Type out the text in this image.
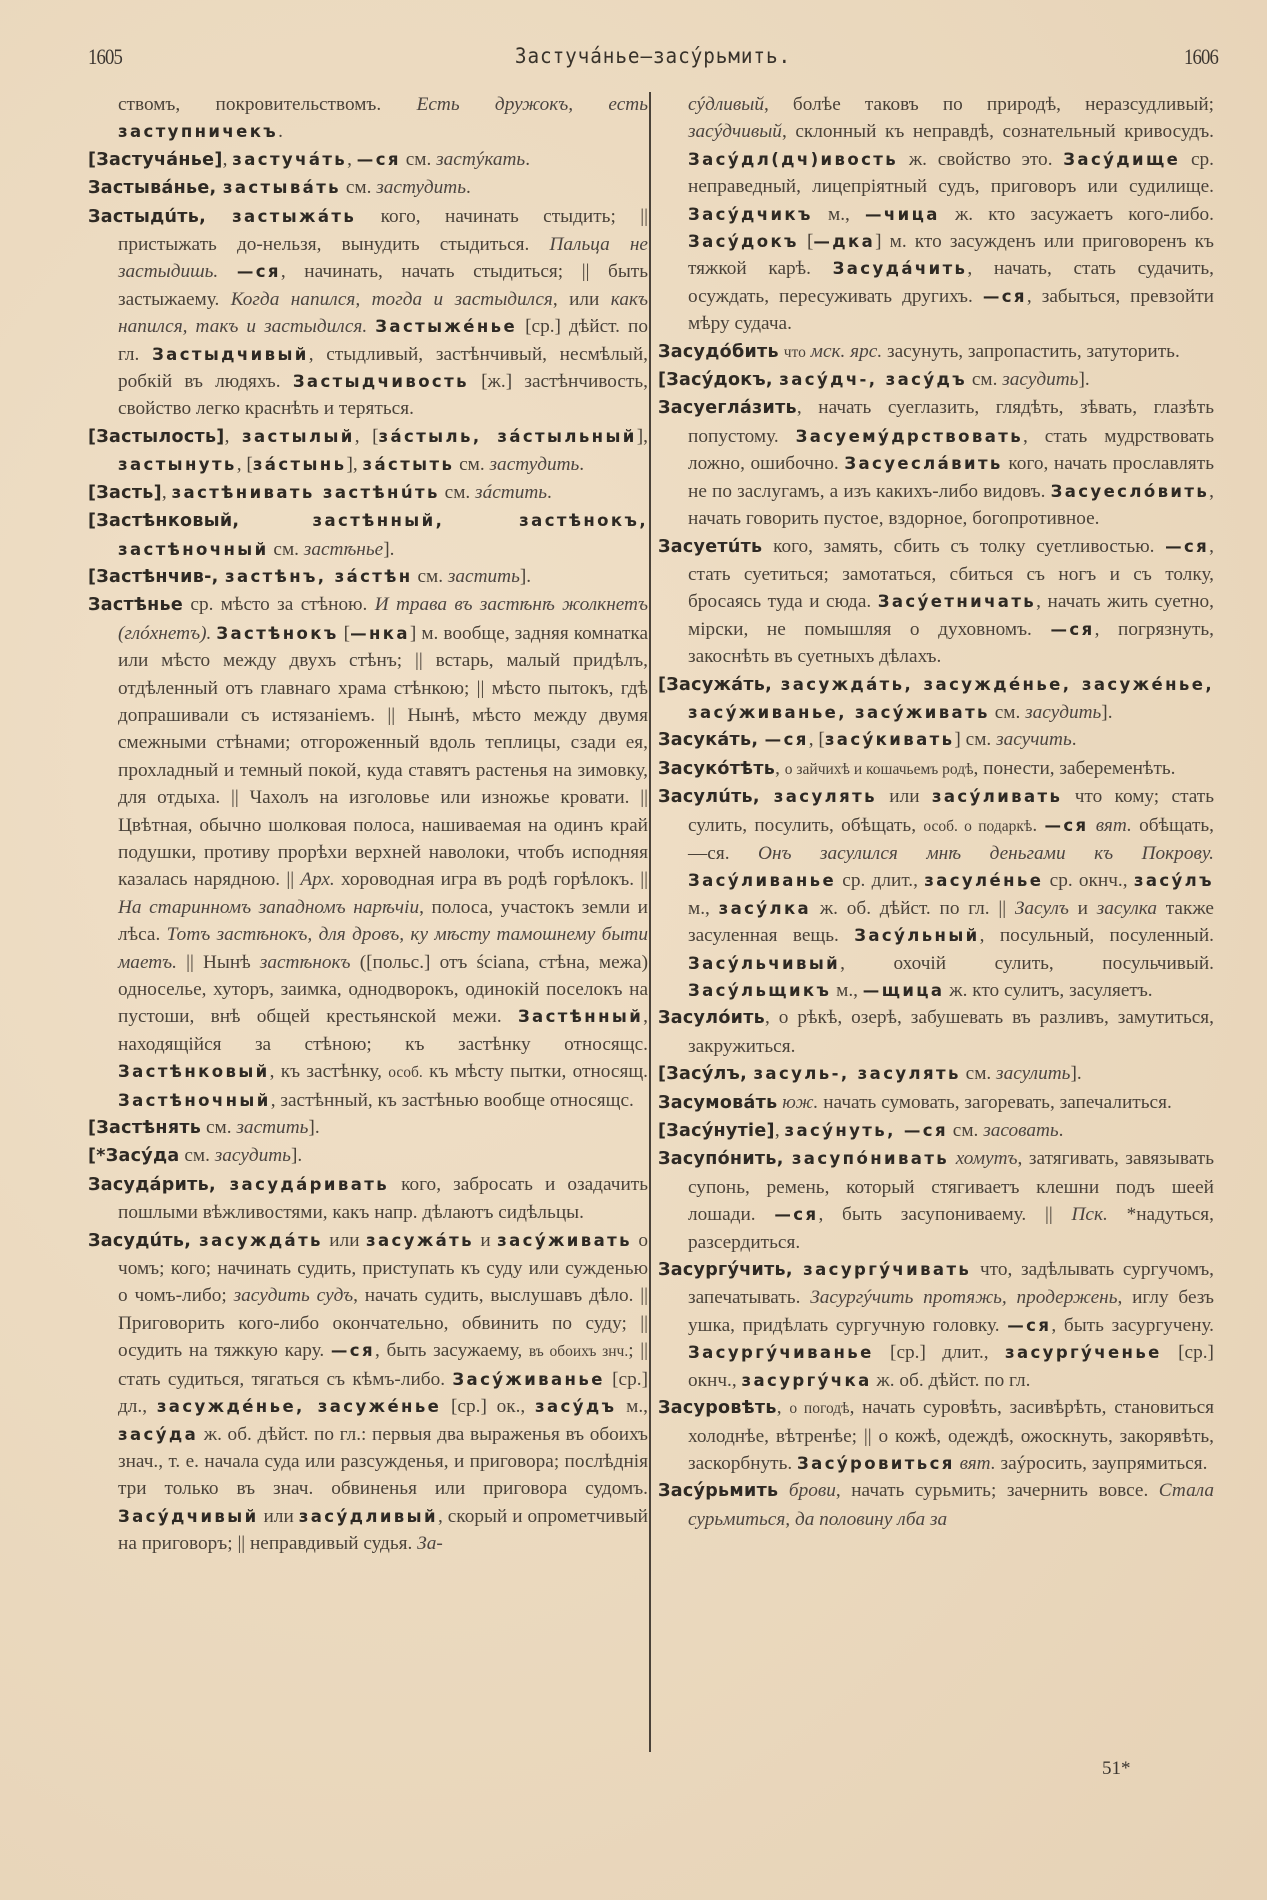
1605	Застучáнье—засýрьмить.	1606

ствомъ, покровительствомъ. Есть дружокъ, есть заступничекъ.

[Застучáнье], застучáть, —ся см. застýкать.

Застывáнье, застывáть см. застудить.

Застыдúть, застыжáть кого, начинать стыдить; || пристыжать до-нельзя, вынудить стыдиться. Пальца не застыдишь. —ся, начинать, начать стыдиться; || быть застыжаему. Когда напился, тогда и застыдился, или какъ напился, такъ и застыдился. Застыжéнье [ср.] дѣйст. по гл. Застыдчивый, стыдливый, застѣнчивый, несмѣлый, робкій въ людяхъ. Застыдчивость [ж.] застѣнчивость, свойство легко краснѣть и теряться.

[Застылость], застылый, [зáстыль, зáстыльный], застынуть, [зáстынь], зáстыть см. застудить.

[Засть], застѣнивать застѣнúть см. зáстить.

[Застѣнковый, застѣнный, застѣнокъ, застѣночный см. застѣнье].

[Застѣнчив-, застѣнъ, зáстѣн см. застить].

Застѣнье ср. мѣсто за стѣною. И трава въ застѣнѣ жолкнетъ (глóхнетъ). Застѣнокъ [—нка] м. вообще, задняя комнатка или мѣсто между двухъ стѣнъ; || встарь, малый придѣлъ, отдѣленный отъ главнаго храма стѣнкою; || мѣсто пытокъ, гдѣ допрашивали съ истязаніемъ. || Нынѣ, мѣсто между двумя смежными стѣнами; отгороженный вдоль теплицы, сзади ея, прохладный и темный покой, куда ставятъ растенья на зимовку, для отдыха. || Чахолъ на изголовье или изножье кровати. || Цвѣтная, обычно шолковая полоса, нашиваемая на одинъ край подушки, противу прорѣхи верхней наволоки, чтобъ исподняя казалась нарядною. || Арх. хороводная игра въ родѣ горѣлокъ. || На старинномъ западномъ нарѣчіи, полоса, участокъ земли и лѣса. Тотъ застѣнокъ, для дровъ, ку мѣсту тамошнему быти маетъ. || Нынѣ застѣнокъ ([польс.] отъ ściana, стѣна, межа) односелье, хуторъ, заимка, однодворокъ, одинокій поселокъ на пустоши, внѣ общей крестьянской межи. Застѣнный, находящійся за стѣною; къ застѣнку относящс. Застѣнковый, къ застѣнку, особ. къ мѣсту пытки, относящ. Застѣночный, застѣнный, къ застѣнью вообще относящс.

[Застѣнять см. застить].

[*Засýда см. засудить].

Засудáрить, засудáривать кого, забросать и озадачить пошлыми вѣжливостями, какъ напр. дѣлаютъ сидѣльцы.

Засудúть, засуждáть или засужáть и засýживать о чомъ; кого; начинать судить, приступать къ суду или сужденью о чомъ-либо; засудить судъ, начать судить, выслушавъ дѣло. || Приговорить кого-либо окончательно, обвинить по суду; || осудить на тяжкую кару. —ся, быть засужаему, въ обоихъ знч.; || стать судиться, тягаться съ кѣмъ-либо. Засýживанье [ср.] дл., засуждéнье, засужéнье [ср.] ок., засýдъ м., засýда ж. об. дѣйст. по гл.: первыя два выраженья въ обоихъ знач., т. е. начала суда или разсужденья, и приговора; послѣднія три только въ знач. обвиненья или приговора судомъ. Засýдчивый или засýдливый, скорый и опрометчивый на приговоръ; || неправдивый судья. За-

сýдливый, болѣе таковъ по природѣ, неразсудливый; засýдчивый, склонный къ неправдѣ, сознательный кривосудъ. Засýдл(дч)ивость ж. свойство это. Засýдище ср. неправедный, лицепріятный судъ, приговоръ или судилище. Засýдчикъ м., —чица ж. кто засужаетъ кого-либо. Засýдокъ [—дка] м. кто засужденъ или приговоренъ къ тяжкой карѣ. Засудáчить, начать, стать судачить, осуждать, пересуживать другихъ. —ся, забыться, превзойти мѣру судача.

Засудóбить что мск. ярс. засунуть, запропастить, затуторить.

[Засýдокъ, засýдч-, засýдъ см. засудить].

Засуеглáзить, начать суеглазить, глядѣть, зѣвать, глазѣть попустому. Засуемýдрствовать, стать мудрствовать ложно, ошибочно. Засуеслáвить кого, начать прославлять не по заслугамъ, а изъ какихъ-либо видовъ. Засуеслóвить, начать говорить пустое, вздорное, богопротивное.

Засуетúть кого, замять, сбить съ толку суетливостью. —ся, стать суетиться; замотаться, сбиться съ ногъ и съ толку, бросаясь туда и сюда. Засýетничать, начать жить суетно, мірски, не помышляя о духовномъ. —ся, погрязнуть, закоснѣть въ суетныхъ дѣлахъ.

[Засужáть, засуждáть, засуждéнье, засужéнье, засýживанье, засýживать см. засудить].

Засукáть, —ся, [засýкивать] см. засучить.

Засукóтѣть, о зайчихѣ и кошачьемъ родѣ, понести, забеременѣть.

Засулúть, засулять или засýливать что кому; стать сулить, посулить, обѣщать, особ. о подаркѣ. —ся вят. обѣщать, —ся. Онъ засулился мнѣ деньгами къ Покрову. Засýливанье ср. длит., засулéнье ср. окнч., засýлъ м., засýлка ж. об. дѣйст. по гл. || Засулъ и засулка также засуленная вещь. Засýльный, посульный, посуленный. Засýльчивый, охочій сулить, посульчивый. Засýльщикъ м., —щица ж. кто сулитъ, засуляетъ.

Засулóить, о рѣкѣ, озерѣ, забушевать въ разливъ, замутиться, закружиться.

[Засýлъ, засуль-, засулять см. засулить].

Засумовáть юж. начать сумовать, загоревать, запечалиться.

[Засýнутіе], засýнуть, —ся см. засовать.

Засупóнить, засупóнивать хомутъ, затягивать, завязывать супонь, ремень, который стягиваетъ клешни подъ шеей лошади. —ся, быть засупониваему. || Пск. *надуться, разсердиться.

Засургýчить, засургýчивать что, задѣлывать сургучомъ, запечатывать. Засургýчить протяжь, продержень, иглу безъ ушка, придѣлать сургучную головку. —ся, быть засургучену. Засургýчиванье [ср.] длит., засургýченье [ср.] окнч., засургýчка ж. об. дѣйст. по гл.

Засуровѣть, о погодѣ, начать суровѣть, засивѣрѣть, становиться холоднѣе, вѣтренѣе; || о кожѣ, одеждѣ, ожоскнуть, закорявѣть, заскорбнуть. Засýровиться вят. заýросить, заупрямиться.

Засýрьмить брови, начать сурьмить; зачернить вовсе. Стала сурьмиться, да половину лба за

51*
